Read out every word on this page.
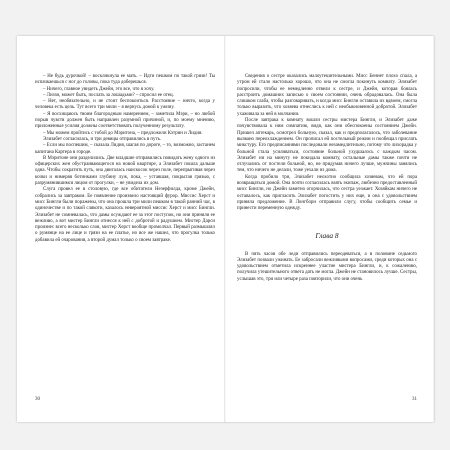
– Не будь дурочкой! – воскликнула ее мать. – Идти пешком по такой грязи! Ты испачкаешься с ног до головы, пока туда доберешься.

– Ничего, главное увидеть Джейн, это все, что я хочу.

– Лиззи, может быть, послать за лошадьми? – спросил ее отец.

– Нет, необязательно, и не стоит беспокоиться. Расстояние – ничто, когда у человека есть цель. Тут всего три мили – я вернусь домой к ужину.

– Я восхищаюсь твоим благородным намерением, – заметила Мэри, – но любой порыв чувств должен быть направлен разумной причиной, и, по моему мнению, приложенные усилия должны соответствовать полученному результату.

– Мы можем пройтись с тобой до Мэритона, – предложили Кэтрин и Лидия.

Элизабет согласилась, и три девицы отправились в путь.

– Если мы поспешим, – сказала Лидия, шагая по дороге, – то, возможно, застанем капитана Картера в городе.

В Мэритоне они разделились. Две младшие отправились повидать жену одного из офицерских жен обустраивающегося на новой квартире, а Элизабет пошла дальше одна. Чтобы сократить путь, она двигалась наискосок через поле, перепрыгивая через кочки и нимеряя ботинками глубину луж, пока, – уставшая, покрытая грязью, с разрумянившимся лицом от прогулки, – не увидела их дом.

Слуга провел ее в столовую, где все обитатели Незерфилда, кроме Джейн, собрались за завтраком. Ее появление произвело настоящий фурор. Миссис Херст и мисс Бингли были поражены, что она прошла три мили пешком в такой ранний час, в одиночестве и по такой слякоти, казалось невероятной миссис Херст и мисс Бингли. Элизабет не сомневалась, что дамы осуждают ее за этот поступок, но они приняли ее вежливо, а вот мистер Бингли отнесся к ней с добротой и радушием. Мистер Дарси произнес всего несколько слов, мистер Херст вообще промолчал. Первый размышлял о румянце на ее лице и грязи на ее платье, но все же нашел, что прогулка только добавила ей очарования, а второй думал только о своем завтраке.

30

Сведения о сестре оказались малоутешительными. Мисс Беннет плохо спала, а утром ей стало настолько хорошо, что она не смогла покинуть комнату. Элизабет попросили, чтобы ее немедленно отвели к сестре, и Джейн, которая боялась расстроить домашних записью о своем состоянии, очень обрадовалась. Она была слишком слаба, чтобы разговаривать, и когда мисс Бингли оставила их вдвоем, смогла только выразить, что хозяева отнеслись к ней с необыкновенной добротой. Элизабет ухаживала за ней в молчании.

После завтрака к комнату вошли сестры мистера Бингли, и Элизабет даже почувствовала к ним симпатию, видя, как они обеспокоены состоянием Джейн. Пришел аптекарь, осмотрел больную, сказал, как и предполагалось, что заболевание вызвано переохлаждением. Он прописал ей постельный режим и пообещал прислать микстуру. Его предписаниями последовали незамедлительно, потому что лихорадка у больной стала усиливаться, состояние больной ухудшалось с каждым часом. Элизабет ни на минуту не покидала комнату, остальные дамы также почти не отлучались от постели больной, но, не придумав ничего лучше, мужчины занялись тем, что ничего не делали, тоже уехали из дома.

Когда пробило три, Элизабет неохотно сообщила хозяевам, что ей пора возвращаться домой. Она почти согласилась взять экипаж, любезно предоставленный мисс Бингли, но Джейн заметно огорчилась, что сестра уезжает. Хозяйкам ничего не оставалось, как пригласить Элизабет погостить у них еще, и она с удовольствием приняла предложение. В Лонгборн отправили слугу, чтобы сообщить семье и принести переменную одежду.

Глава 8

В пять часов обе леди отправились переодеваться, а в половине седьмого Элизабет позвали ужинать. Ее забросали вежливыми вопросами, среди которых она с удовольствием отметила искреннее участие мистера Бингли, и, к сожалению, получила утешительного ответа дать не могла. Джейн не становилось лучше. Сестры, услышав это, три или четыре раза повторили, что они очень

31
